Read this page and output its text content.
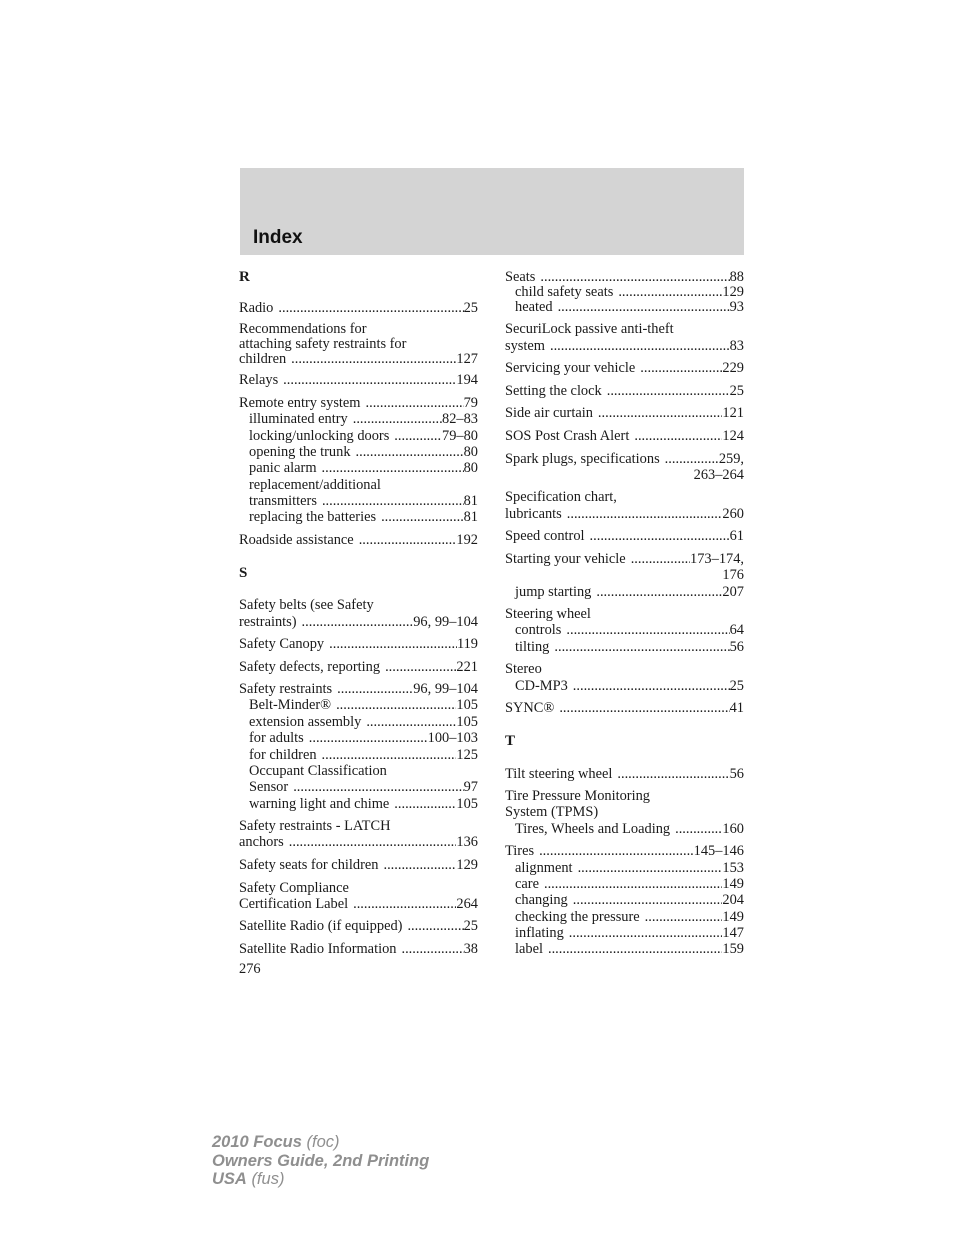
Index
R
Radio .....	25
Recommendations for
attaching safety restraints for
children .....	127
Relays .....	194
Remote entry system .....	79
illuminated entry .....	82–83
locking/unlocking doors .....	79–80
opening the trunk .....	80
panic alarm .....	80
replacement/additional
transmitters .....	81
replacing the batteries .....	81
Roadside assistance .....	192
S
Safety belts (see Safety
restraints) .....	96, 99–104
Safety Canopy .....	119
Safety defects, reporting .....	221
Safety restraints .....	96, 99–104
Belt-Minder® .....	105
extension assembly .....	105
for adults .....	100–103
for children .....	125
Occupant Classification
Sensor .....	97
warning light and chime .....	105
Safety restraints - LATCH
anchors .....	136
Safety seats for children .....	129
Safety Compliance
Certification Label .....	264
Satellite Radio (if equipped) .....	25
Satellite Radio Information .....	38
Seats .....	88
child safety seats .....	129
heated .....	93
SecuriLock passive anti-theft
system .....	83
Servicing your vehicle .....	229
Setting the clock .....	25
Side air curtain .....	121
SOS Post Crash Alert .....	124
Spark plugs, specifications .....	259,
263–264
Specification chart,
lubricants .....	260
Speed control .....	61
Starting your vehicle .....	173–174,
176
jump starting .....	207
Steering wheel
controls .....	64
tilting .....	56
Stereo
CD-MP3 .....	25
SYNC® .....	41
T
Tilt steering wheel .....	56
Tire Pressure Monitoring
System (TPMS)
Tires, Wheels and Loading .....	160
Tires .....	145–146
alignment .....	153
care .....	149
changing .....	204
checking the pressure .....	149
inflating .....	147
label .....	159
276
2010 Focus (foc)
Owners Guide, 2nd Printing
USA (fus)
